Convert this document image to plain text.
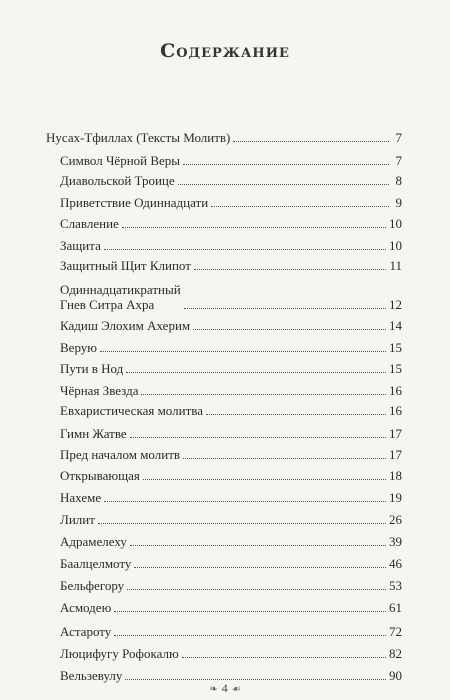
Содержание
Нусах-Тфиллах (Тексты Молитв)	7
Символ Чёрной Веры	7
Диавольской Троице	8
Приветствие Одиннадцати	9
Славление	10
Защита	10
Защитный Щит Клипот	11
Одиннадцатикратный
Гнев Ситра Ахра	12
Кадиш Элохим Ахерим	14
Верую	15
Пути в Нод	15
Чёрная Звезда	16
Евхаристическая молитва	16
Гимн Жатве	17
Пред началом молитв	17
Открывающая	18
Нахеме	19
Лилит	26
Адрамелеху	39
Баалцелмоту	46
Бельфегору	53
Асмодею	61
Астароту	72
Люцифугу Рофокалю	82
Вельзевулу	90
❧ 4 ☙
